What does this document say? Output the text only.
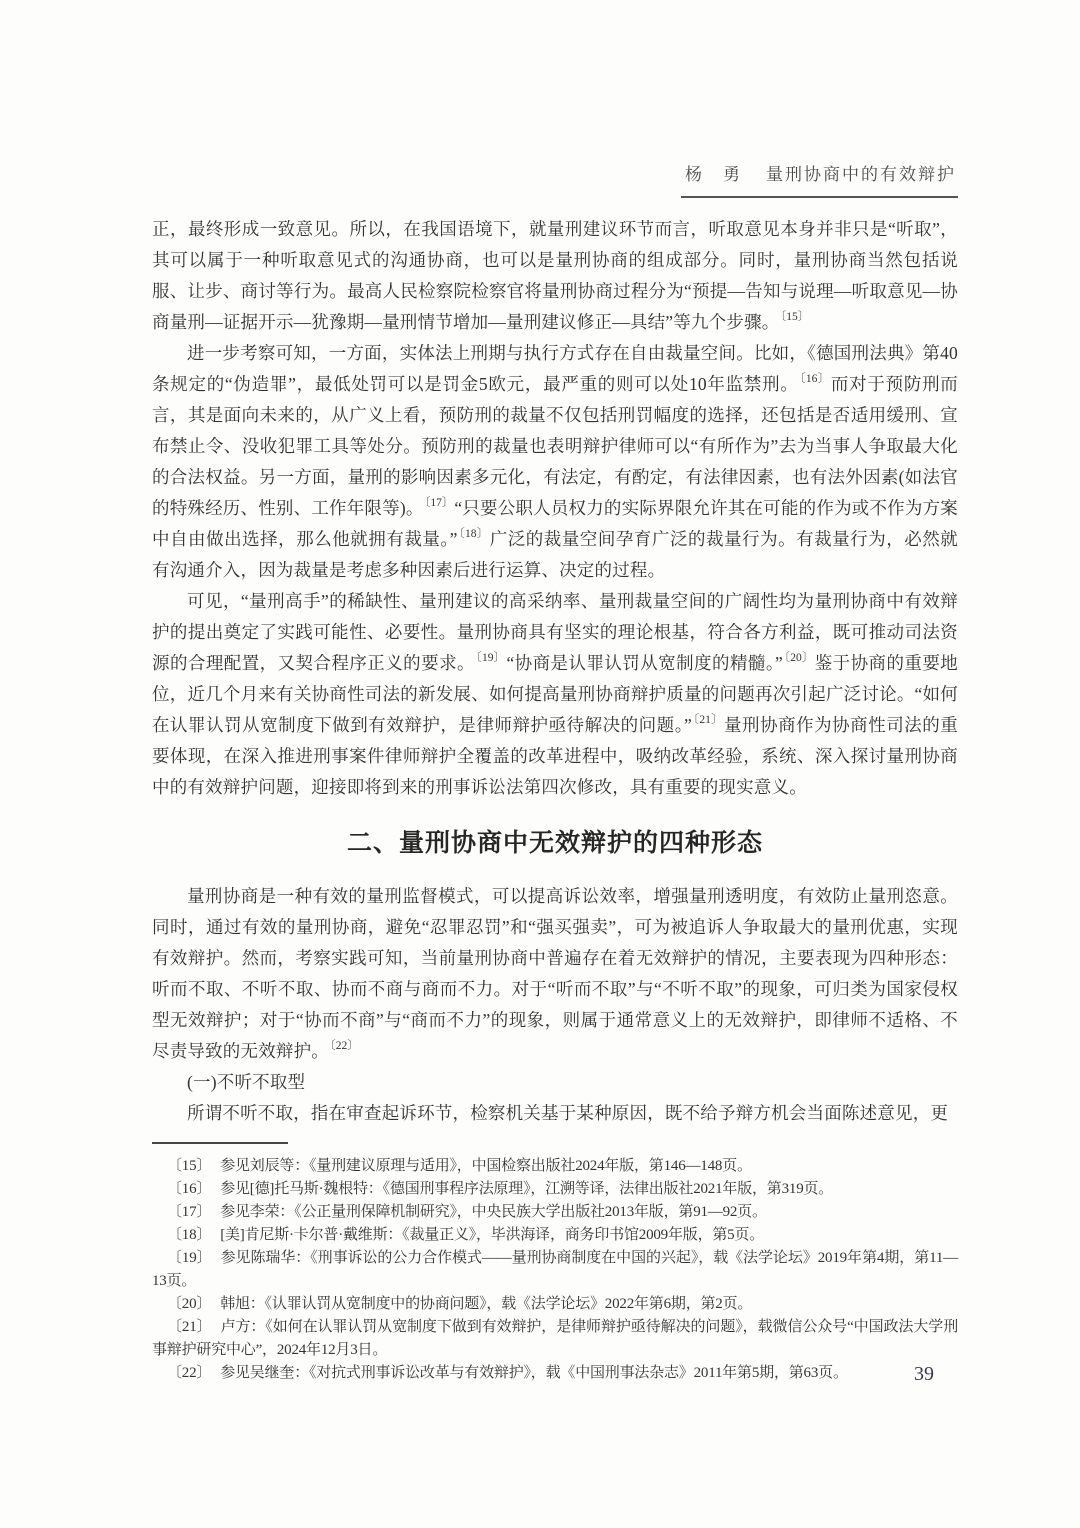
杨　勇 量刑协商中的有效辩护

正，最终形成一致意见。所以，在我国语境下，就量刑建议环节而言，听取意见本身并非只是“听取”，其可以属于一种听取意见式的沟通协商，也可以是量刑协商的组成部分。同时，量刑协商当然包括说服、让步、商讨等行为。最高人民检察院检察官将量刑协商过程分为“预提—告知与说理—听取意见—协商量刑—证据开示—犹豫期—量刑情节增加—量刑建议修正—具结”等九个步骤。$^{〔15〕}$

进一步考察可知，一方面，实体法上刑期与执行方式存在自由裁量空间。比如，《德国刑法典》第40条规定的“伪造罪”，最低处罚可以是罚金5欧元，最严重的则可以处10年监禁刑。$^{〔16〕}$而对于预防刑而言，其是面向未来的，从广义上看，预防刑的裁量不仅包括刑罚幅度的选择，还包括是否适用缓刑、宣布禁止令、没收犯罪工具等处分。预防刑的裁量也表明辩护律师可以“有所作为”去为当事人争取最大化的合法权益。另一方面，量刑的影响因素多元化，有法定，有酌定，有法律因素，也有法外因素(如法官的特殊经历、性别、工作年限等)。$^{〔17〕}$“只要公职人员权力的实际界限允许其在可能的作为或不作为方案中自由做出选择，那么他就拥有裁量。”$^{〔18〕}$广泛的裁量空间孕育广泛的裁量行为。有裁量行为，必然就有沟通介入，因为裁量是考虑多种因素后进行运算、决定的过程。

可见，“量刑高手”的稀缺性、量刑建议的高采纳率、量刑裁量空间的广阔性均为量刑协商中有效辩护的提出奠定了实践可能性、必要性。量刑协商具有坚实的理论根基，符合各方利益，既可推动司法资源的合理配置，又契合程序正义的要求。$^{〔19〕}$“协商是认罪认罚从宽制度的精髓。”$^{〔20〕}$鉴于协商的重要地位，近几个月来有关协商性司法的新发展、如何提高量刑协商辩护质量的问题再次引起广泛讨论。“如何在认罪认罚从宽制度下做到有效辩护，是律师辩护亟待解决的问题。”$^{〔21〕}$量刑协商作为协商性司法的重要体现，在深入推进刑事案件律师辩护全覆盖的改革进程中，吸纳改革经验，系统、深入探讨量刑协商中的有效辩护问题，迎接即将到来的刑事诉讼法第四次修改，具有重要的现实意义。

二、量刑协商中无效辩护的四种形态

量刑协商是一种有效的量刑监督模式，可以提高诉讼效率，增强量刑透明度，有效防止量刑恣意。同时，通过有效的量刑协商，避免“忍罪忍罚”和“强买强卖”，可为被追诉人争取最大的量刑优惠，实现有效辩护。然而，考察实践可知，当前量刑协商中普遍存在着无效辩护的情况，主要表现为四种形态：听而不取、不听不取、协而不商与商而不力。对于“听而不取”与“不听不取”的现象，可归类为国家侵权型无效辩护；对于“协而不商”与“商而不力”的现象，则属于通常意义上的无效辩护，即律师不适格、不尽责导致的无效辩护。$^{〔22〕}$

(一)不听不取型

所谓不听不取，指在审查起诉环节，检察机关基于某种原因，既不给予辩方机会当面陈述意见，更

〔15〕 参见刘辰等：《量刑建议原理与适用》，中国检察出版社2024年版，第146—148页。

〔16〕 参见[德]托马斯·魏根特：《德国刑事程序法原理》，江溯等译，法律出版社2021年版，第319页。

〔17〕 参见李荣：《公正量刑保障机制研究》，中央民族大学出版社2013年版，第91—92页。

〔18〕 [美]肯尼斯·卡尔普·戴维斯：《裁量正义》，毕洪海译，商务印书馆2009年版，第5页。

〔19〕 参见陈瑞华：《刑事诉讼的公力合作模式——量刑协商制度在中国的兴起》，载《法学论坛》2019年第4期，第11—13页。

〔20〕 韩旭：《认罪认罚从宽制度中的协商问题》，载《法学论坛》2022年第6期，第2页。

〔21〕 卢方：《如何在认罪认罚从宽制度下做到有效辩护，是律师辩护亟待解决的问题》，载微信公众号“中国政法大学刑事辩护研究中心”，2024年12月3日。

〔22〕 参见吴继奎：《对抗式刑事诉讼改革与有效辩护》，载《中国刑事法杂志》2011年第5期，第63页。	39
